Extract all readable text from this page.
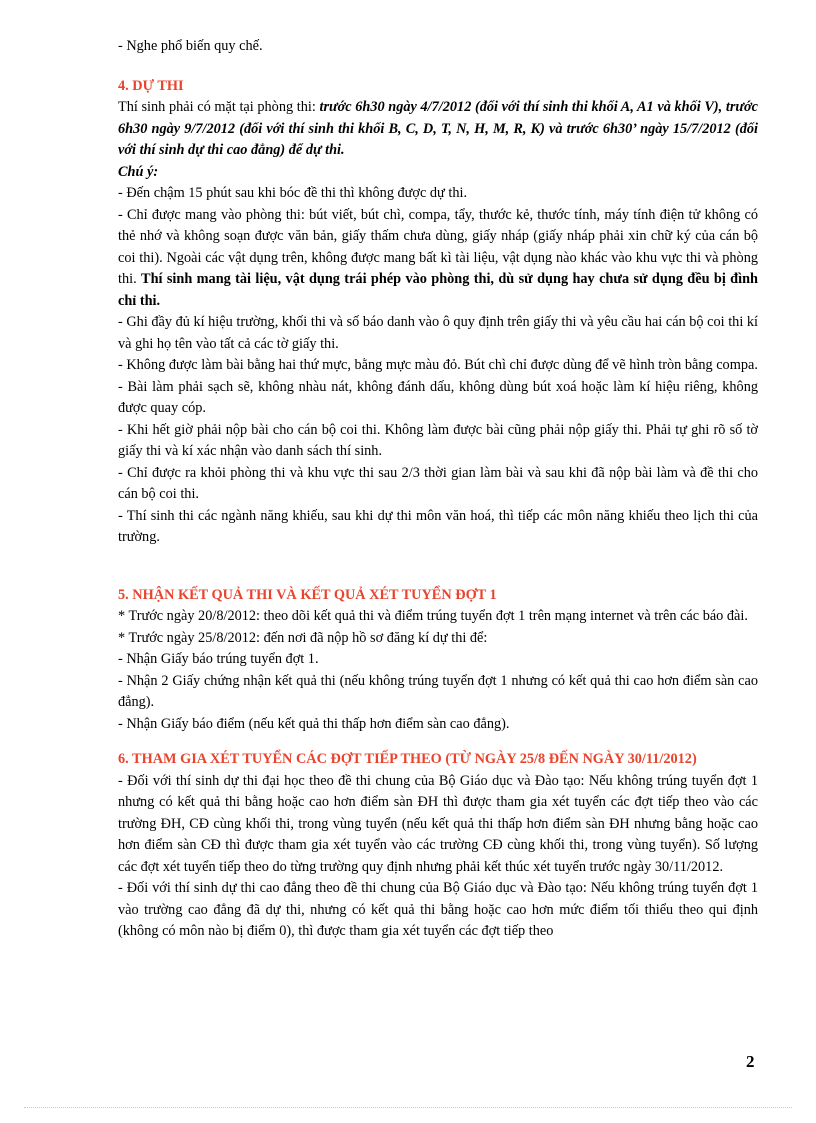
- Nghe phổ biến quy chế.

4. DỰ THI

Thí sinh phải có mặt tại phòng thi: trước 6h30 ngày 4/7/2012 (đối với thí sinh thi khối A, A1 và khối V), trước 6h30 ngày 9/7/2012 (đối với thí sinh thi khối B, C, D, T, N, H, M, R, K) và trước 6h30’ ngày 15/7/2012 (đối với thí sinh dự thi cao đẳng) để dự thi.

Chú ý:

- Đến chậm 15 phút sau khi bóc đề thi thì không được dự thi.

- Chỉ được mang vào phòng thi: bút viết, bút chì, compa, tẩy, thước kẻ, thước tính, máy tính điện tử không có thẻ nhớ và không soạn được văn bản, giấy thấm chưa dùng, giấy nháp (giấy nháp phải xin chữ ký của cán bộ coi thi). Ngoài các vật dụng trên, không được mang bất kì tài liệu, vật dụng nào khác vào khu vực thi và phòng thi. Thí sinh mang tài liệu, vật dụng trái phép vào phòng thi, dù sử dụng hay chưa sử dụng đều bị đình chỉ thi.

- Ghi đầy đủ kí hiệu trường, khối thi và số báo danh vào ô quy định trên giấy thi và yêu cầu hai cán bộ coi thi kí và ghi họ tên vào tất cả các tờ giấy thi.

- Không được làm bài bằng hai thứ mực, bằng mực màu đỏ. Bút chì chỉ được dùng để vẽ hình tròn bằng compa.

- Bài làm phải sạch sẽ, không nhàu nát, không đánh dấu, không dùng bút xoá hoặc làm kí hiệu riêng, không được quay cóp.

- Khi hết giờ phải nộp bài cho cán bộ coi thi. Không làm được bài cũng phải nộp giấy thi. Phải tự ghi rõ số tờ giấy thi và kí xác nhận vào danh sách thí sinh.

- Chỉ được ra khỏi phòng thi và khu vực thi sau 2/3 thời gian làm bài và sau khi đã nộp bài làm và đề thi cho cán bộ coi thi.

- Thí sinh thi các ngành năng khiếu, sau khi dự thi môn văn hoá, thì tiếp các môn năng khiếu theo lịch thi của trường.

5. NHẬN KẾT QUẢ THI VÀ KẾT QUẢ XÉT TUYỂN ĐỢT 1

* Trước ngày 20/8/2012: theo dõi kết quả thi và điểm trúng tuyển đợt 1 trên mạng internet và trên các báo đài.

* Trước ngày 25/8/2012: đến nơi đã nộp hồ sơ đăng kí dự thi để:

- Nhận Giấy báo trúng tuyển đợt 1.

- Nhận 2 Giấy chứng nhận kết quả thi (nếu không trúng tuyển đợt 1 nhưng có kết quả thi cao hơn điểm sàn cao đẳng).

- Nhận Giấy báo điểm (nếu kết quả thi thấp hơn điểm sàn cao đẳng).

6. THAM GIA XÉT TUYỂN CÁC ĐỢT TIẾP THEO (TỪ NGÀY 25/8 ĐẾN NGÀY 30/11/2012)

- Đối với thí sinh dự thi đại học theo đề thi chung của Bộ Giáo dục và Đào tạo: Nếu không trúng tuyển đợt 1 nhưng có kết quả thi bằng hoặc cao hơn điểm sàn ĐH thì được tham gia xét tuyển các đợt tiếp theo vào các trường ĐH, CĐ cùng khối thi, trong vùng tuyển (nếu kết quả thi thấp hơn điểm sàn ĐH nhưng bằng hoặc cao hơn điểm sàn CĐ thì được tham gia xét tuyển vào các trường CĐ cùng khối thi, trong vùng tuyển). Số lượng các đợt xét tuyển tiếp theo do từng trường quy định nhưng phải kết thúc xét tuyển trước ngày 30/11/2012.

- Đối với thí sinh dự thi cao đẳng theo đề thi chung của Bộ Giáo dục và Đào tạo: Nếu không trúng tuyển đợt 1 vào trường cao đẳng đã dự thi, nhưng có kết quả thi bằng hoặc cao hơn mức điểm tối thiểu theo qui định (không có môn nào bị điểm 0), thì được tham gia xét tuyển các đợt tiếp theo

2
